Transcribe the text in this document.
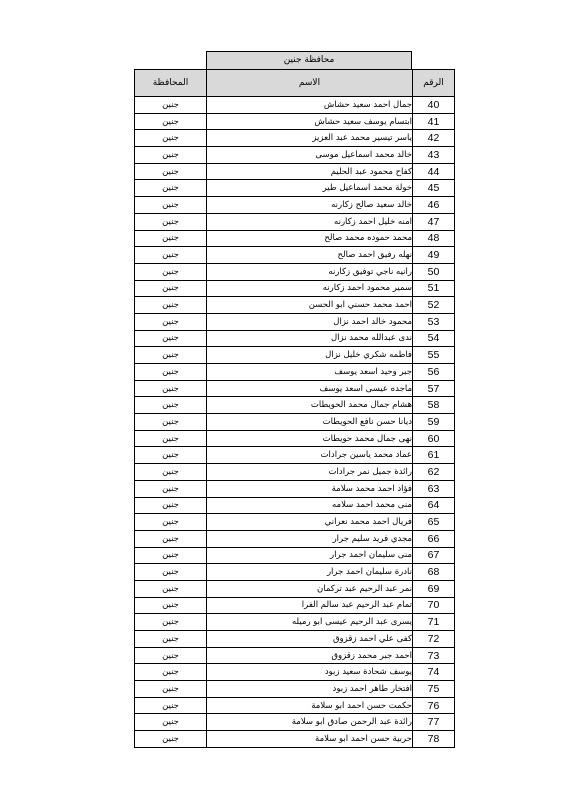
محافظة جنين
المحافظة	الاسم	الرقم
جنين	جمال احمد سعيد حشاش	40
جنين	ابتسام يوسف سعيد حشاش	41
جنين	ياسر تيسير محمد عبد العزيز	42
جنين	خالد محمد اسماعيل موسى	43
جنين	كفاح محمود عبد الحليم	44
جنين	خولة محمد اسماعيل طير	45
جنين	خالد سعيد صالح زكارنه	46
جنين	امنه خليل احمد زكارنه	47
جنين	محمد حموده محمد صالح	48
جنين	نهله رفيق احمد صالح	49
جنين	رانيه ناجي توفيق زكارنه	50
جنين	سمير محمود احمد زكارنه	51
جنين	احمد محمد حسني ابو الحسن	52
جنين	محمود خالد احمد نزال	53
جنين	ندى عبدالله محمد نزال	54
جنين	فاطمه شكري خليل نزال	55
جنين	جبر وحيد اسعد يوسف	56
جنين	ماجده عيسى اسعد يوسف	57
جنين	هشام جمال محمد الحويطات	58
جنين	ديانا حسن نافع الحويطات	59
جنين	نهى جمال محمد حويطات	60
جنين	عماد محمد ياسين جرادات	61
جنين	رائدة جميل نمر جرادات	62
جنين	فؤاد احمد محمد سلامة	63
جنين	منى محمد احمد سلامه	64
جنين	فريال احمد محمد نعراني	65
جنين	مجدي فريد سليم جرار	66
جنين	منى سليمان احمد جرار	67
جنين	نادرة سليمان احمد جرار	68
جنين	نمر عبد الرحيم عبد تركمان	69
جنين	تمام عبد الرحيم عبد سالم الفرا	70
جنين	يسرى عبد الرحيم عيسى ابو رميله	71
جنين	كفى علي احمد زقزوق	72
جنين	احمد جبر محمد زقزوق	73
جنين	يوسف شحادة سعيد زبود	74
جنين	افتخار طاهر احمد زبود	75
جنين	حكمت حسن احمد ابو سلامة	76
جنين	رائدة عبد الرحمن صادق ابو سلامة	77
جنين	حربية حسن احمد ابو سلامة	78
